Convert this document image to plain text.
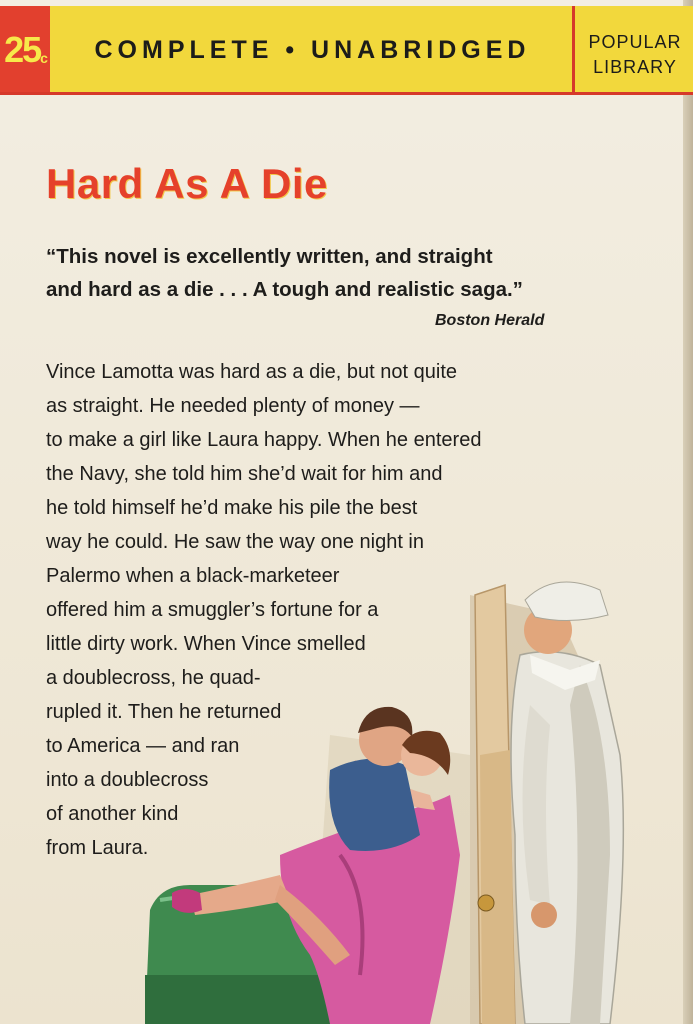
25$^c$	COMPLETE • UNABRIDGED	POPULAR
LIBRARY
Hard As A Die
“This novel is excellently written, and straight
and hard as a die . . . A tough and realistic saga.”
Boston Herald
Vince Lamotta was hard as a die, but not quite
as straight. He needed plenty of money —
to make a girl like Laura happy. When he entered
the Navy, she told him she’d wait for him and
he told himself he’d make his pile the best
way he could. He saw the way one night in
Palermo when a black-marketeer
offered him a smuggler’s fortune for a
little dirty work. When Vince smelled
a doublecross, he quad-
rupled it. Then he returned
to America — and ran
into a doublecross
of another kind
from Laura.
